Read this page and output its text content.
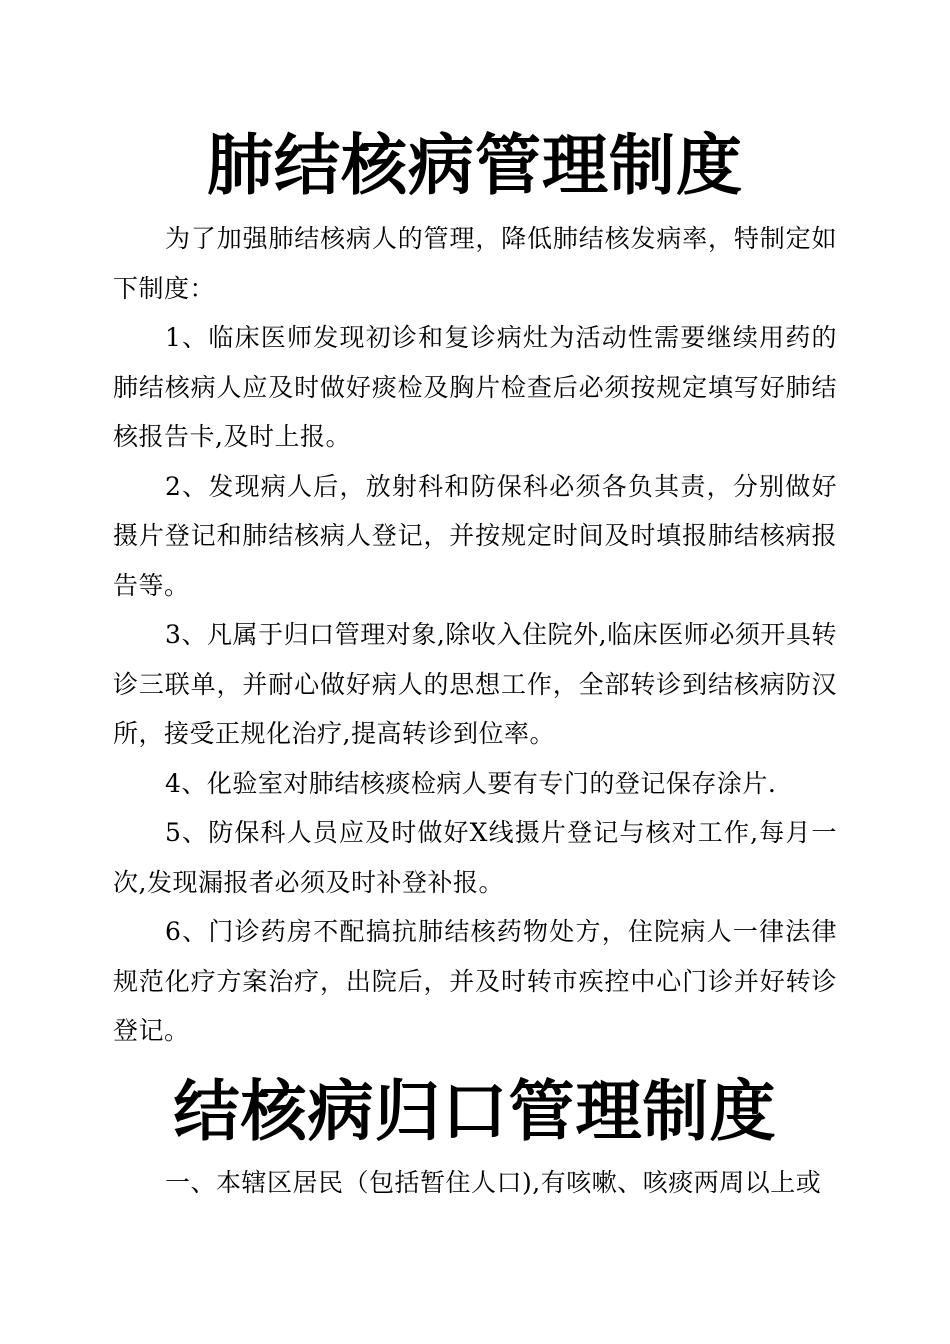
肺结核病管理制度

为了加强肺结核病人的管理，降低肺结核发病率，特制定如下制度：

1、临床医师发现初诊和复诊病灶为活动性需要继续用药的肺结核病人应及时做好痰检及胸片检查后必须按规定填写好肺结核报告卡,及时上报。

2、发现病人后，放射科和防保科必须各负其责，分别做好摄片登记和肺结核病人登记，并按规定时间及时填报肺结核病报告等。

3、凡属于归口管理对象,除收入住院外,临床医师必须开具转诊三联单，并耐心做好病人的思想工作，全部转诊到结核病防汉所，接受正规化治疗,提高转诊到位率。

4、化验室对肺结核痰检病人要有专门的登记保存涂片.

5、防保科人员应及时做好X线摄片登记与核对工作,每月一次,发现漏报者必须及时补登补报。

6、门诊药房不配搞抗肺结核药物处方，住院病人一律法律规范化疗方案治疗，出院后，并及时转市疾控中心门诊并好转诊登记。

结核病归口管理制度

一、本辖区居民（包括暂住人口),有咳嗽、咳痰两周以上或
